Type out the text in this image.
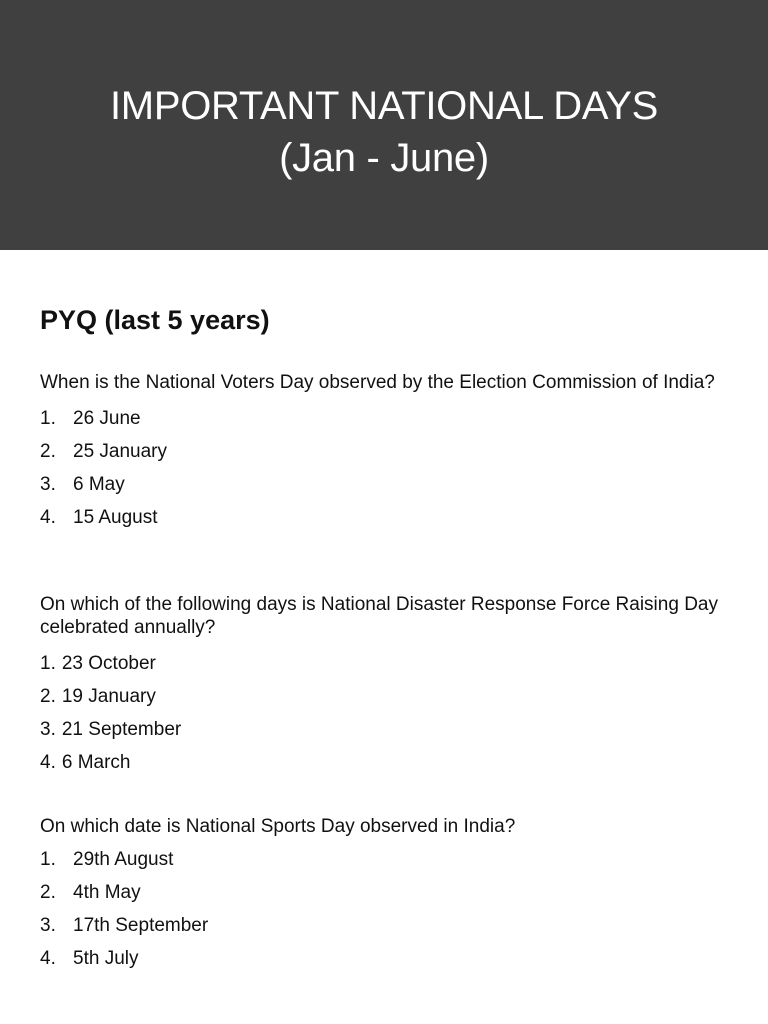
IMPORTANT NATIONAL DAYS
(Jan - June)
PYQ (last 5 years)

When is the National Voters Day observed by the Election Commission of India?

1. 26 June
2. 25 January
3. 6 May
4. 15 August

On which of the following days is National Disaster Response Force Raising Day celebrated annually?

1. 23 October
2. 19 January
3. 21 September
4. 6 March

On which date is National Sports Day observed in India?

1. 29th August
2. 4th May
3. 17th September
4. 5th July
